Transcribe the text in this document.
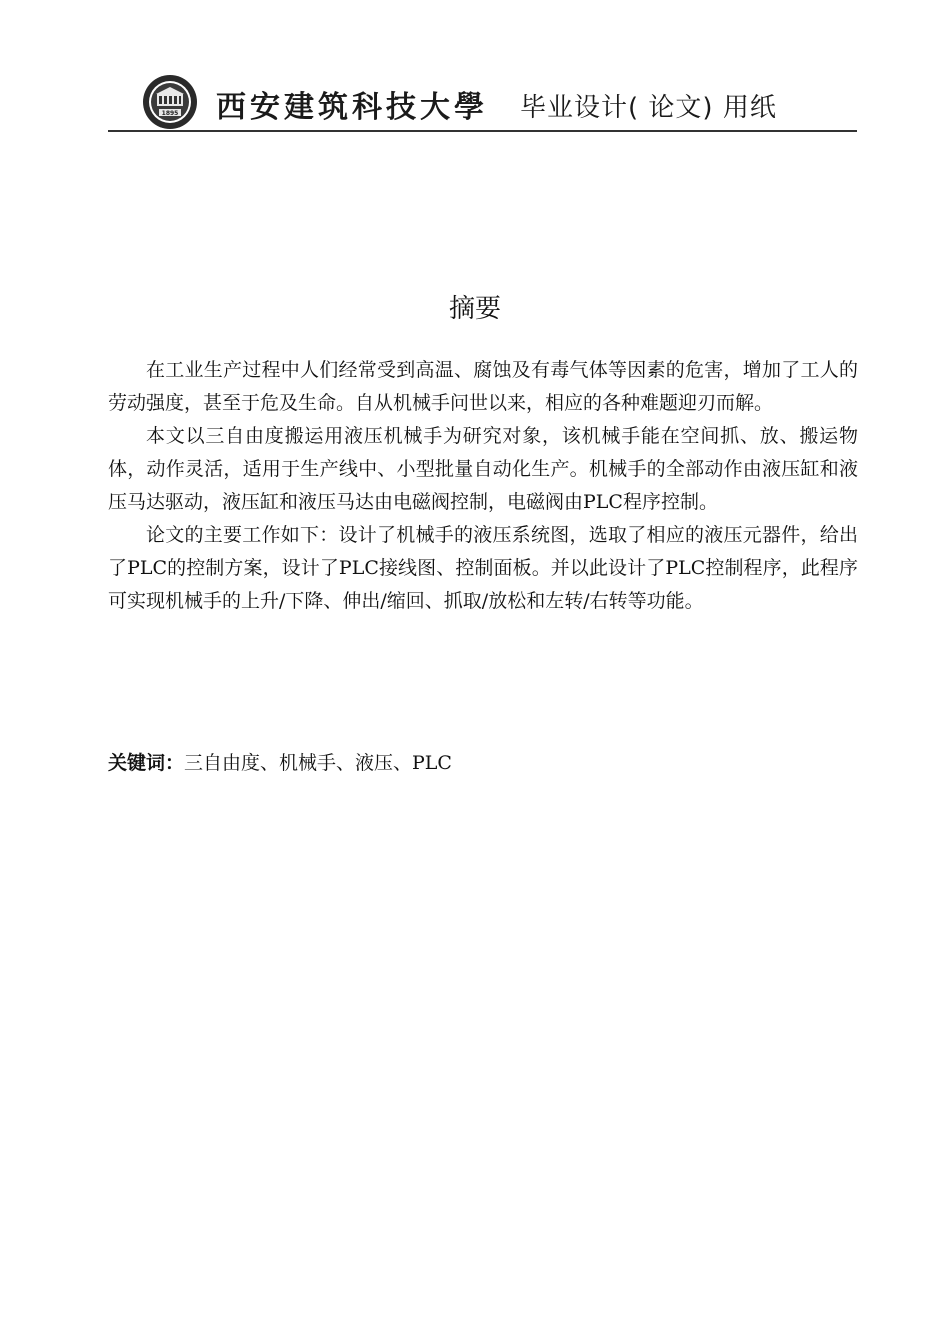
1895 西安建筑科技大學 毕业设计( 论文) 用纸
摘要

在工业生产过程中人们经常受到高温、腐蚀及有毒气体等因素的危害，增加了工人的劳动强度，甚至于危及生命。自从机械手问世以来，相应的各种难题迎刃而解。

本文以三自由度搬运用液压机械手为研究对象，该机械手能在空间抓、放、搬运物体，动作灵活，适用于生产线中、小型批量自动化生产。机械手的全部动作由液压缸和液压马达驱动，液压缸和液压马达由电磁阀控制，电磁阀由PLC程序控制。

论文的主要工作如下：设计了机械手的液压系统图，选取了相应的液压元器件，给出了PLC的控制方案，设计了PLC接线图、控制面板。并以此设计了PLC控制程序，此程序可实现机械手的上升/下降、伸出/缩回、抓取/放松和左转/右转等功能。

关键词：三自由度、机械手、液压、PLC
